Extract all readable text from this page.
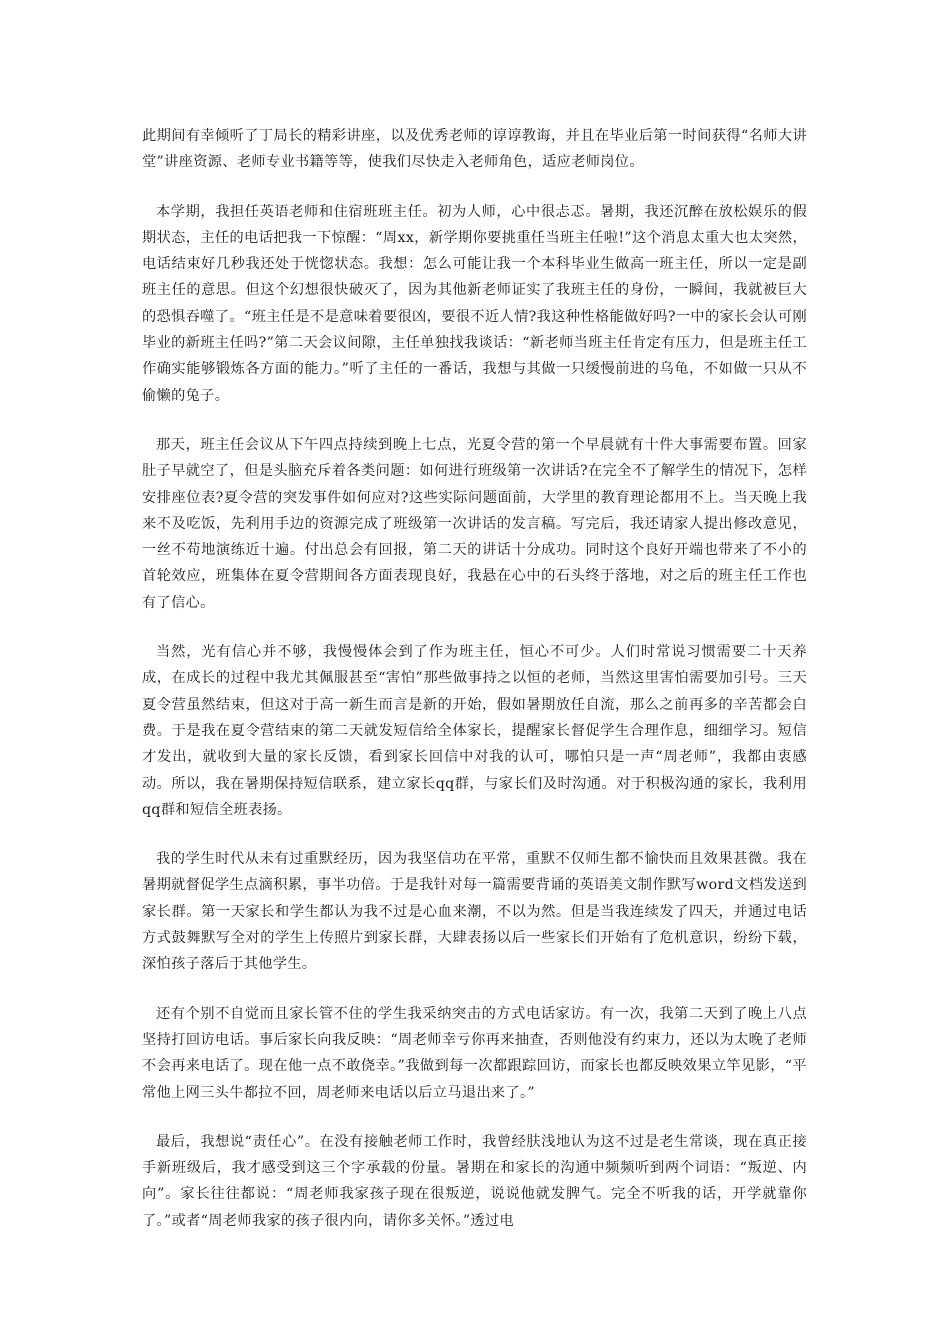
此期间有幸倾听了丁局长的精彩讲座，以及优秀老师的谆谆教诲，并且在毕业后第一时间获得“名师大讲堂”讲座资源、老师专业书籍等等，使我们尽快走入老师角色，适应老师岗位。

本学期，我担任英语老师和住宿班班主任。初为人师，心中很忐忑。暑期，我还沉醉在放松娱乐的假期状态，主任的电话把我一下惊醒：“周xx，新学期你要挑重任当班主任啦!”这个消息太重大也太突然，电话结束好几秒我还处于恍惚状态。我想：怎么可能让我一个本科毕业生做高一班主任，所以一定是副班主任的意思。但这个幻想很快破灭了，因为其他新老师证实了我班主任的身份，一瞬间，我就被巨大的恐惧吞噬了。“班主任是不是意味着要很凶，要很不近人情?我这种性格能做好吗?一中的家长会认可刚毕业的新班主任吗?”第二天会议间隙，主任单独找我谈话：“新老师当班主任肯定有压力，但是班主任工作确实能够锻炼各方面的能力。”听了主任的一番话，我想与其做一只缓慢前进的乌龟，不如做一只从不偷懒的兔子。

那天，班主任会议从下午四点持续到晚上七点，光夏令营的第一个早晨就有十件大事需要布置。回家肚子早就空了，但是头脑充斥着各类问题：如何进行班级第一次讲话?在完全不了解学生的情况下，怎样安排座位表?夏令营的突发事件如何应对?这些实际问题面前，大学里的教育理论都用不上。当天晚上我来不及吃饭，先利用手边的资源完成了班级第一次讲话的发言稿。写完后，我还请家人提出修改意见，一丝不苟地演练近十遍。付出总会有回报，第二天的讲话十分成功。同时这个良好开端也带来了不小的首轮效应，班集体在夏令营期间各方面表现良好，我悬在心中的石头终于落地，对之后的班主任工作也有了信心。

当然，光有信心并不够，我慢慢体会到了作为班主任，恒心不可少。人们时常说习惯需要二十天养成，在成长的过程中我尤其佩服甚至“害怕”那些做事持之以恒的老师，当然这里害怕需要加引号。三天夏令营虽然结束，但这对于高一新生而言是新的开始，假如暑期放任自流，那么之前再多的辛苦都会白费。于是我在夏令营结束的第二天就发短信给全体家长，提醒家长督促学生合理作息，细细学习。短信才发出，就收到大量的家长反馈，看到家长回信中对我的认可，哪怕只是一声“周老师”，我都由衷感动。所以，我在暑期保持短信联系，建立家长qq群，与家长们及时沟通。对于积极沟通的家长，我利用qq群和短信全班表扬。

我的学生时代从未有过重默经历，因为我坚信功在平常，重默不仅师生都不愉快而且效果甚微。我在暑期就督促学生点滴积累，事半功倍。于是我针对每一篇需要背诵的英语美文制作默写word文档发送到家长群。第一天家长和学生都认为我不过是心血来潮，不以为然。但是当我连续发了四天，并通过电话方式鼓舞默写全对的学生上传照片到家长群，大肆表扬以后一些家长们开始有了危机意识，纷纷下载，深怕孩子落后于其他学生。

还有个别不自觉而且家长管不住的学生我采纳突击的方式电话家访。有一次，我第二天到了晚上八点坚持打回访电话。事后家长向我反映：“周老师幸亏你再来抽查，否则他没有约束力，还以为太晚了老师不会再来电话了。现在他一点不敢侥幸。”我做到每一次都跟踪回访，而家长也都反映效果立竿见影，“平常他上网三头牛都拉不回，周老师来电话以后立马退出来了。”

最后，我想说“责任心”。在没有接触老师工作时，我曾经肤浅地认为这不过是老生常谈，现在真正接手新班级后，我才感受到这三个字承载的份量。暑期在和家长的沟通中频频听到两个词语：“叛逆、内向”。家长往往都说：“周老师我家孩子现在很叛逆，说说他就发脾气。完全不听我的话，开学就靠你了。”或者“周老师我家的孩子很内向，请你多关怀。”透过电
